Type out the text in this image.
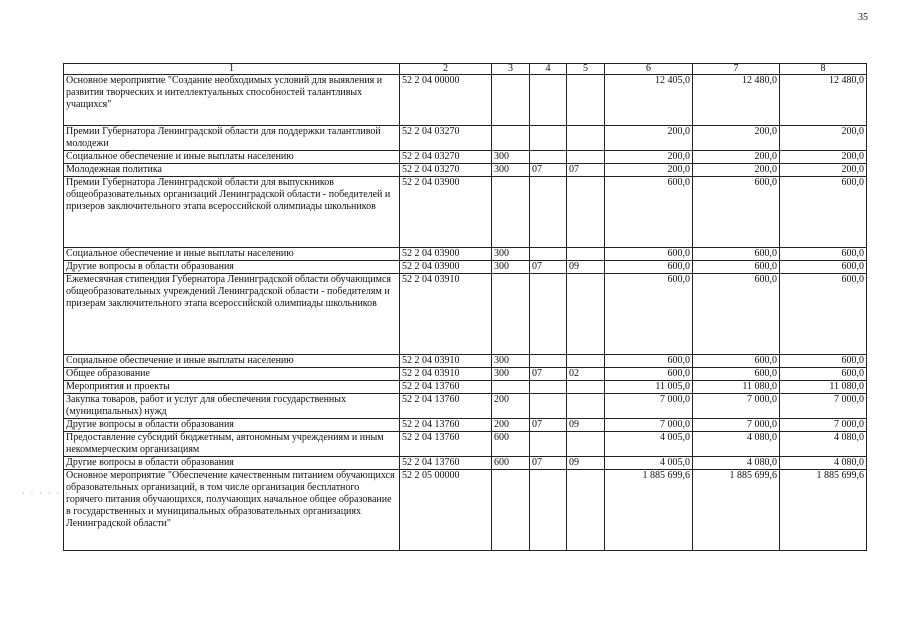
35
· · · · · ·
1	2	3	4	5	6	7	8
Основное мероприятие "Создание необходимых условий для выявления и развития творческих и интеллектуальных способностей талантливых учащихся"	52 2 04 00000				12 405,0	12 480,0	12 480,0
Премии Губернатора Ленинградской области для поддержки талантливой молодежи	52 2 04 03270				200,0	200,0	200,0
Социальное обеспечение и иные выплаты населению	52 2 04 03270	300			200,0	200,0	200,0
Молодежная политика	52 2 04 03270	300	07	07	200,0	200,0	200,0
Премии Губернатора Ленинградской области для выпускников общеобразовательных организаций Ленинградской области - победителей и призеров заключительного этапа всероссийской олимпиады школьников	52 2 04 03900				600,0	600,0	600,0
Социальное обеспечение и иные выплаты населению	52 2 04 03900	300			600,0	600,0	600,0
Другие вопросы в области образования	52 2 04 03900	300	07	09	600,0	600,0	600,0
Ежемесячная стипендия Губернатора Ленинградской области обучающимся общеобразовательных учреждений Ленинградской области - победителям и призерам заключительного этапа всероссийской олимпиады школьников	52 2 04 03910				600,0	600,0	600,0
Социальное обеспечение и иные выплаты населению	52 2 04 03910	300			600,0	600,0	600,0
Общее образование	52 2 04 03910	300	07	02	600,0	600,0	600,0
Мероприятия и проекты	52 2 04 13760				11 005,0	11 080,0	11 080,0
Закупка товаров, работ и услуг для обеспечения государственных (муниципальных) нужд	52 2 04 13760	200			7 000,0	7 000,0	7 000,0
Другие вопросы в области образования	52 2 04 13760	200	07	09	7 000,0	7 000,0	7 000,0
Предоставление субсидий бюджетным, автономным учреждениям и иным некоммерческим организациям	52 2 04 13760	600			4 005,0	4 080,0	4 080,0
Другие вопросы в области образования	52 2 04 13760	600	07	09	4 005,0	4 080,0	4 080,0
Основное мероприятие "Обеспечение качественным питанием обучающихся образовательных организаций, в том числе организация бесплатного горячего питания обучающихся, получающих начальное общее образование в государственных и муниципальных образовательных организациях Ленинградской области"	52 2 05 00000				1 885 699,6	1 885 699,6	1 885 699,6
